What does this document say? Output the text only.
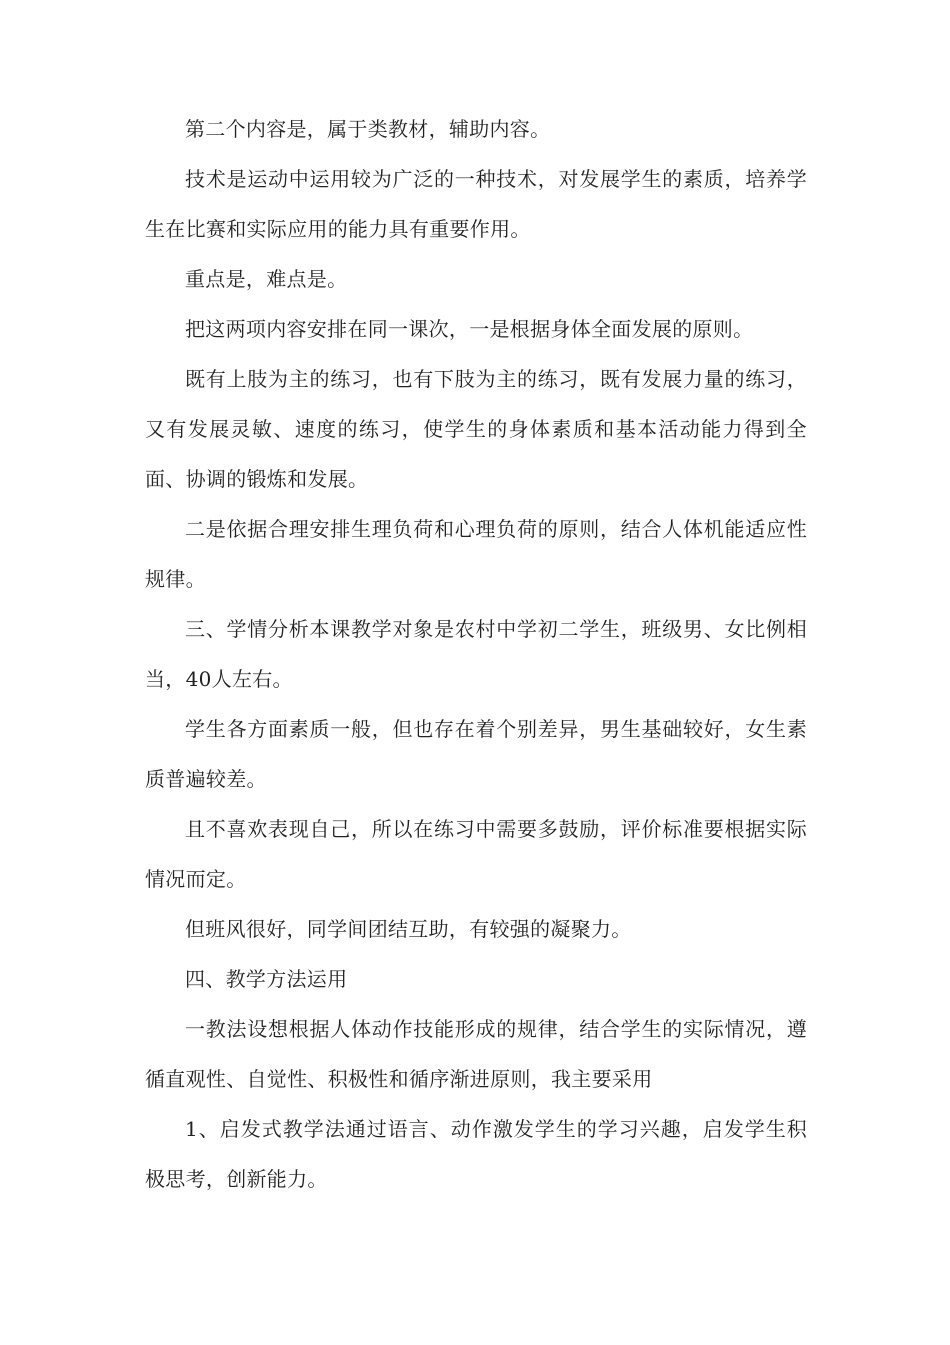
第二个内容是，属于类教材，辅助内容。

技术是运动中运用较为广泛的一种技术，对发展学生的素质，培养学生在比赛和实际应用的能力具有重要作用。

重点是，难点是。

把这两项内容安排在同一课次，一是根据身体全面发展的原则。

既有上肢为主的练习，也有下肢为主的练习，既有发展力量的练习，又有发展灵敏、速度的练习，使学生的身体素质和基本活动能力得到全面、协调的锻炼和发展。

二是依据合理安排生理负荷和心理负荷的原则，结合人体机能适应性规律。

三、学情分析本课教学对象是农村中学初二学生，班级男、女比例相当，40人左右。

学生各方面素质一般，但也存在着个别差异，男生基础较好，女生素质普遍较差。

且不喜欢表现自己，所以在练习中需要多鼓励，评价标准要根据实际情况而定。

但班风很好，同学间团结互助，有较强的凝聚力。

四、教学方法运用

一教法设想根据人体动作技能形成的规律，结合学生的实际情况，遵循直观性、自觉性、积极性和循序渐进原则，我主要采用

1、启发式教学法通过语言、动作激发学生的学习兴趣，启发学生积极思考，创新能力。
